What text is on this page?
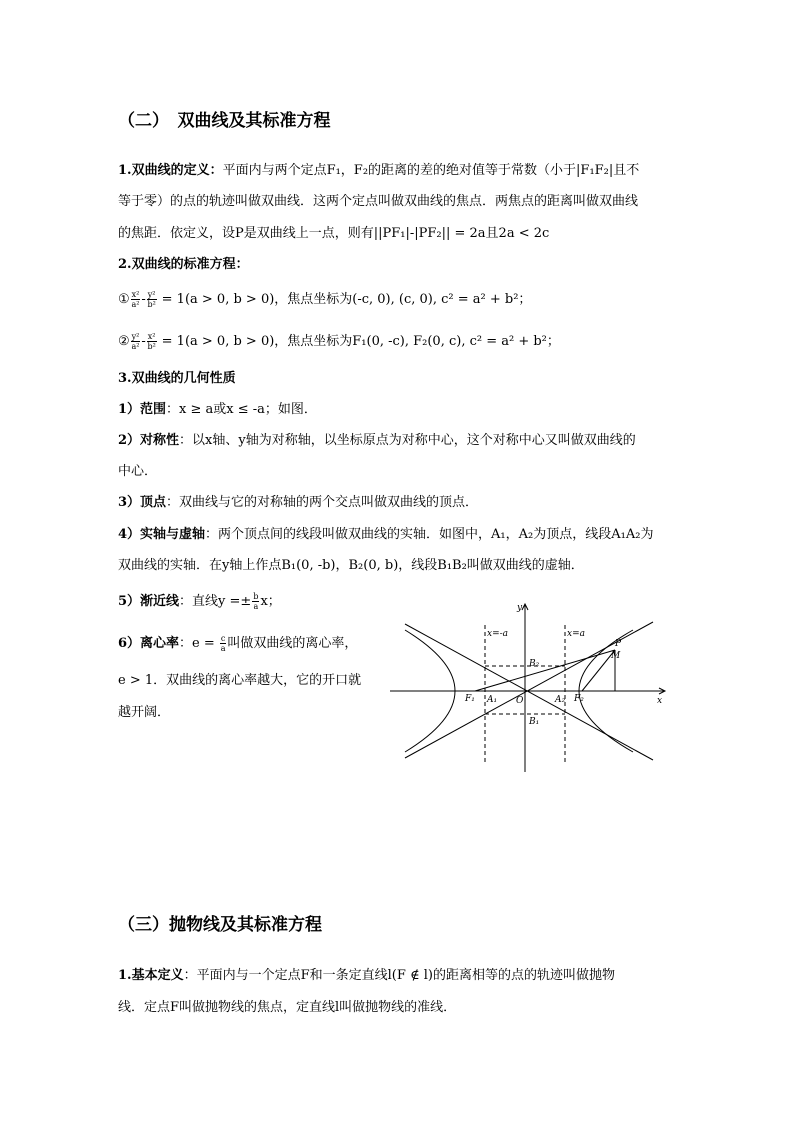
（二）　双曲线及其标准方程
1.双曲线的定义：平面内与两个定点F₁，F₂的距离的差的绝对值等于常数（小于|F₁F₂|且不
等于零）的点的轨迹叫做双曲线．这两个定点叫做双曲线的焦点．两焦点的距离叫做双曲线
的焦距．依定义，设P是双曲线上一点，则有||PF₁|-|PF₂|| = 2a且2a < 2c
2.双曲线的标准方程：
① $\frac{\text{x²}}{\text{a²}} - \frac{\text{y²}}{\text{b²}} = 1(a > 0$, b > 0)，焦点坐标为(-c, 0), (c, 0), c² = a² + b²；
② $\frac{\text{y²}}{\text{a²}} - \frac{\text{x²}}{\text{b²}} = 1(a > 0$, b > 0)，焦点坐标为F₁(0, -c), F₂(0, c), c² = a² + b²；
3.双曲线的几何性质
1）范围：x ≥ a或x ≤ -a；如图．
2）对称性：以x轴、y轴为对称轴，以坐标原点为对称中心，这个对称中心又叫做双曲线的
中心．
3）顶点：双曲线与它的对称轴的两个交点叫做双曲线的顶点．
4）实轴与虚轴：两个顶点间的线段叫做双曲线的实轴．如图中，A₁，A₂为顶点，线段A₁A₂为
双曲线的实轴．在y轴上作点B₁(0, -b)，B₂(0, b)，线段B₁B₂叫做双曲线的虚轴．
5）渐近线：直线$y =\pm \frac{b}{a}$ x；
6）离心率：$e = \frac{c}{a}$ 叫做双曲线的离心率，
e > 1．双曲线的离心率越大，它的开口就
越开阔．
y
x
x=-a	x=a
B₂
B₁
P
M
F₁	F₂
A₁	A₂
O
（三）抛物线及其标准方程
1.基本定义：平面内与一个定点F和一条定直线l(F ∉ l)的距离相等的点的轨迹叫做抛物
线．定点F叫做抛物线的焦点，定直线l叫做抛物线的准线．
